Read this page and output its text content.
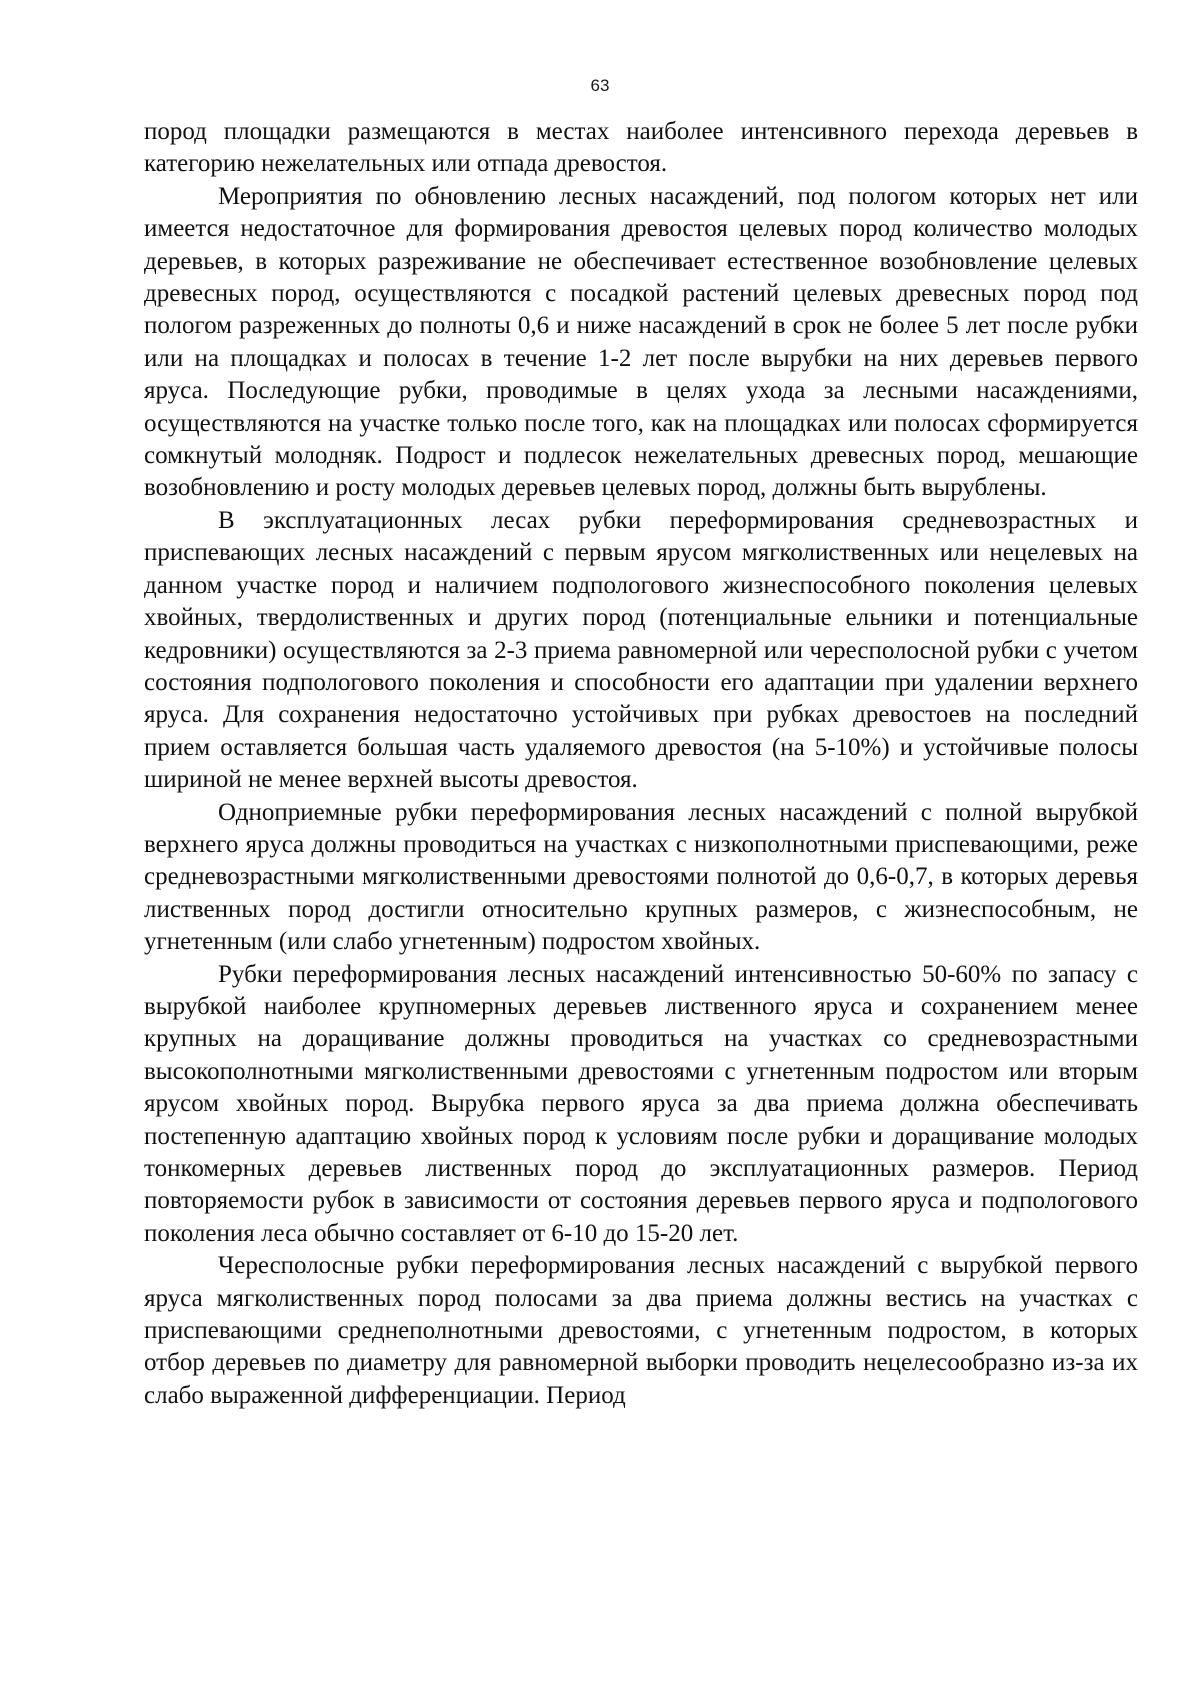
63

пород площадки размещаются в местах наиболее интенсивного перехода деревьев в категорию нежелательных или отпада древостоя.

Мероприятия по обновлению лесных насаждений, под пологом которых нет или имеется недостаточное для формирования древостоя целевых пород количество молодых деревьев, в которых разреживание не обеспечивает естественное возобновление целевых древесных пород, осуществляются с посадкой растений целевых древесных пород под пологом разреженных до полноты 0,6 и ниже насаждений в срок не более 5 лет после рубки или на площадках и полосах в течение 1-2 лет после вырубки на них деревьев первого яруса. Последующие рубки, проводимые в целях ухода за лесными насаждениями, осуществляются на участке только после того, как на площадках или полосах сформируется сомкнутый молодняк. Подрост и подлесок нежелательных древесных пород, мешающие возобновлению и росту молодых деревьев целевых пород, должны быть вырублены.

В эксплуатационных лесах рубки переформирования средневозрастных и приспевающих лесных насаждений с первым ярусом мягколиственных или нецелевых на данном участке пород и наличием подпологового жизнеспособного поколения целевых хвойных, твердолиственных и других пород (потенциальные ельники и потенциальные кедровники) осуществляются за 2-3 приема равномерной или чересполосной рубки с учетом состояния подпологового поколения и способности его адаптации при удалении верхнего яруса. Для сохранения недостаточно устойчивых при рубках древостоев на последний прием оставляется большая часть удаляемого древостоя (на 5-10%) и устойчивые полосы шириной не менее верхней высоты древостоя.

Одноприемные рубки переформирования лесных насаждений с полной вырубкой верхнего яруса должны проводиться на участках с низкополнотными приспевающими, реже средневозрастными мягколиственными древостоями полнотой до 0,6-0,7, в которых деревья лиственных пород достигли относительно крупных размеров, с жизнеспособным, не угнетенным (или слабо угнетенным) подростом хвойных.

Рубки переформирования лесных насаждений интенсивностью 50-60% по запасу с вырубкой наиболее крупномерных деревьев лиственного яруса и сохранением менее крупных на доращивание должны проводиться на участках со средневозрастными высокополнотными мягколиственными древостоями с угнетенным подростом или вторым ярусом хвойных пород. Вырубка первого яруса за два приема должна обеспечивать постепенную адаптацию хвойных пород к условиям после рубки и доращивание молодых тонкомерных деревьев лиственных пород до эксплуатационных размеров. Период повторяемости рубок в зависимости от состояния деревьев первого яруса и подпологового поколения леса обычно составляет от 6-10 до 15-20 лет.

Чересполосные рубки переформирования лесных насаждений с вырубкой первого яруса мягколиственных пород полосами за два приема должны вестись на участках с приспевающими среднеполнотными древостоями, с угнетенным подростом, в которых отбор деревьев по диаметру для равномерной выборки проводить нецелесообразно из-за их слабо выраженной дифференциации. Период
